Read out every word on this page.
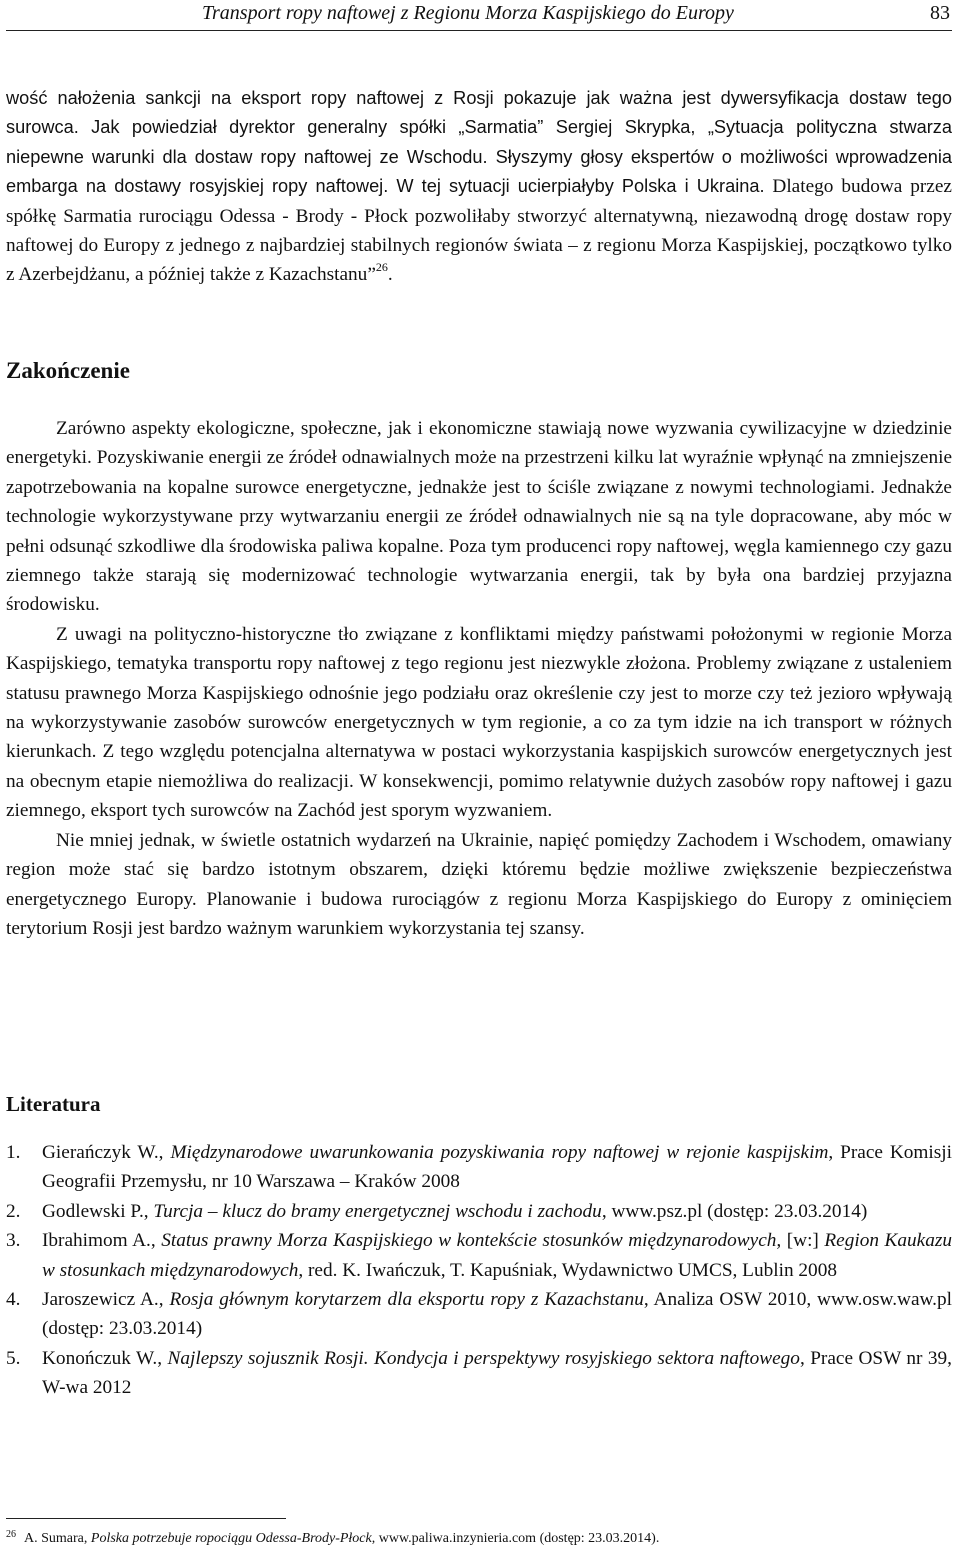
Transport ropy naftowej z Regionu Morza Kaspijskiego do Europy	83

wość nałożenia sankcji na eksport ropy naftowej z Rosji pokazuje jak ważna jest dywersyfikacja dostaw tego surowca. Jak powiedział dyrektor generalny spółki „Sarmatia” Sergiej Skrypka, „Sytuacja polityczna stwarza niepewne warunki dla dostaw ropy naftowej ze Wschodu. Słyszymy głosy ekspertów o możliwości wprowadzenia embarga na dostawy rosyjskiej ropy naftowej. W tej sytuacji ucierpiałyby Polska i Ukraina. Dlatego budowa przez spółkę Sarmatia rurociągu Odessa - Brody - Płock pozwoliłaby stworzyć alternatywną, niezawodną drogę dostaw ropy naftowej do Europy z jednego z najbardziej stabilnych regionów świata – z regionu Morza Kaspijskiej, początkowo tylko z Azerbejdżanu, a później także z Kazachstanu”$^{26}$.

Zakończenie

Zarówno aspekty ekologiczne, społeczne, jak i ekonomiczne stawiają nowe wyzwania cywilizacyjne w dziedzinie energetyki. Pozyskiwanie energii ze źródeł odnawialnych może na przestrzeni kilku lat wyraźnie wpłynąć na zmniejszenie zapotrzebowania na kopalne surowce energetyczne, jednakże jest to ściśle związane z nowymi technologiami. Jednakże technologie wykorzystywane przy wytwarzaniu energii ze źródeł odnawialnych nie są na tyle dopracowane, aby móc w pełni odsunąć szkodliwe dla środowiska paliwa kopalne. Poza tym producenci ropy naftowej, węgla kamiennego czy gazu ziemnego także starają się modernizować technologie wytwarzania energii, tak by była ona bardziej przyjazna środowisku.

Z uwagi na polityczno-historyczne tło związane z konfliktami między państwami położonymi w regionie Morza Kaspijskiego, tematyka transportu ropy naftowej z tego regionu jest niezwykle złożona. Problemy związane z ustaleniem statusu prawnego Morza Kaspijskiego odnośnie jego podziału oraz określenie czy jest to morze czy też jezioro wpływają na wykorzystywanie zasobów surowców energetycznych w tym regionie, a co za tym idzie na ich transport w różnych kierunkach. Z tego względu potencjalna alternatywa w postaci wykorzystania kaspijskich surowców energetycznych jest na obecnym etapie niemożliwa do realizacji. W konsekwencji, pomimo relatywnie dużych zasobów ropy naftowej i gazu ziemnego, eksport tych surowców na Zachód jest sporym wyzwaniem.

Nie mniej jednak, w świetle ostatnich wydarzeń na Ukrainie, napięć pomiędzy Zachodem i Wschodem, omawiany region może stać się bardzo istotnym obszarem, dzięki któremu będzie możliwe zwiększenie bezpieczeństwa energetycznego Europy. Planowanie i budowa rurociągów z regionu Morza Kaspijskiego do Europy z ominięciem terytorium Rosji jest bardzo ważnym warunkiem wykorzystania tej szansy.

Literatura
1. Gierańczyk W., Międzynarodowe uwarunkowania pozyskiwania ropy naftowej w rejonie kaspijskim, Prace Komisji Geografii Przemysłu, nr 10 Warszawa – Kraków 2008
2. Godlewski P., Turcja – klucz do bramy energetycznej wschodu i zachodu, www.psz.pl (dostęp: 23.03.2014)
3. Ibrahimom A., Status prawny Morza Kaspijskiego w kontekście stosunków międzynarodowych, [w:] Region Kaukazu w stosunkach międzynarodowych, red. K. Iwańczuk, T. Kapuśniak, Wydawnictwo UMCS, Lublin 2008
4. Jaroszewicz A., Rosja głównym korytarzem dla eksportu ropy z Kazachstanu, Analiza OSW 2010, www.osw.waw.pl (dostęp: 23.03.2014)
5. Konończuk W., Najlepszy sojusznik Rosji. Kondycja i perspektywy rosyjskiego sektora naftowego, Prace OSW nr 39, W-wa 2012
$^{26}$ A. Sumara, Polska potrzebuje ropociągu Odessa-Brody-Płock, www.paliwa.inzynieria.com (dostęp: 23.03.2014).
